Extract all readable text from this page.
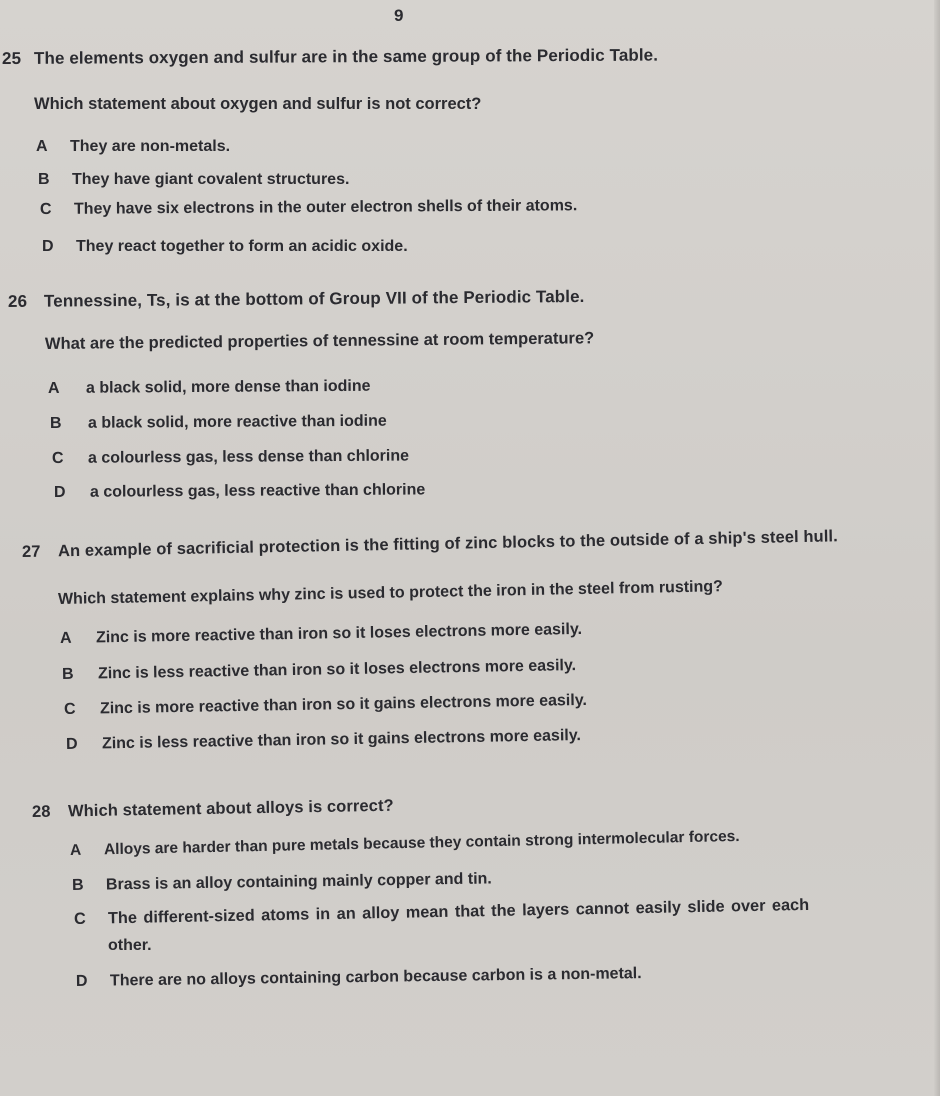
9
25 The elements oxygen and sulfur are in the same group of the Periodic Table.
Which statement about oxygen and sulfur is not correct?
A They are non-metals.
B They have giant covalent structures.
C They have six electrons in the outer electron shells of their atoms.
D They react together to form an acidic oxide.
26 Tennessine, Ts, is at the bottom of Group VII of the Periodic Table.
What are the predicted properties of tennessine at room temperature?
A a black solid, more dense than iodine
B a black solid, more reactive than iodine
C a colourless gas, less dense than chlorine
D a colourless gas, less reactive than chlorine
27 An example of sacrificial protection is the fitting of zinc blocks to the outside of a ship's steel hull.
Which statement explains why zinc is used to protect the iron in the steel from rusting?
A Zinc is more reactive than iron so it loses electrons more easily.
B Zinc is less reactive than iron so it loses electrons more easily.
C Zinc is more reactive than iron so it gains electrons more easily.
D Zinc is less reactive than iron so it gains electrons more easily.
28 Which statement about alloys is correct?
A Alloys are harder than pure metals because they contain strong intermolecular forces.
B Brass is an alloy containing mainly copper and tin.
C The different-sized atoms in an alloy mean that the layers cannot easily slide over each
other.
D There are no alloys containing carbon because carbon is a non-metal.
